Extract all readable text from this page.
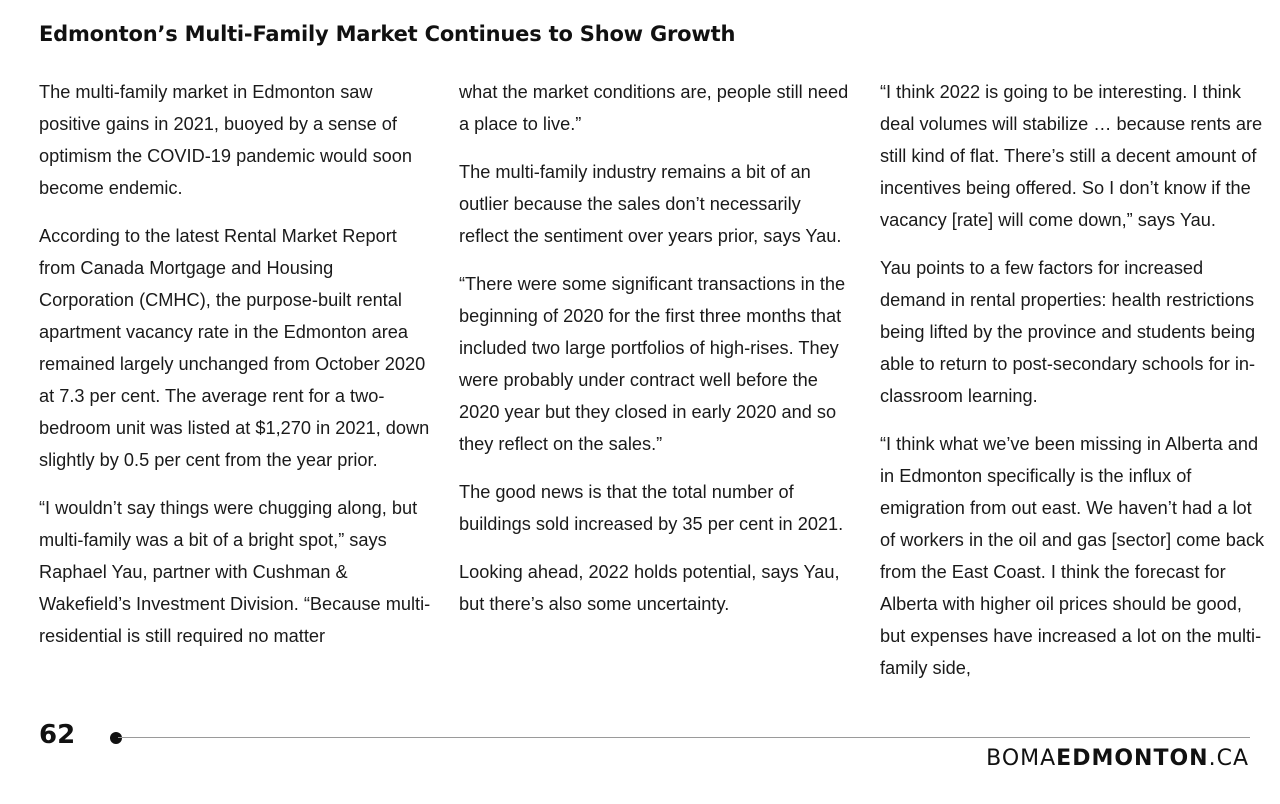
Edmonton’s Multi-Family Market Continues to Show Growth

The multi-family market in Edmonton saw positive gains in 2021, buoyed by a sense of optimism the COVID-19 pandemic would soon become endemic.

According to the latest Rental Market Report from Canada Mortgage and Housing Corporation (CMHC), the purpose-built rental apartment vacancy rate in the Edmonton area remained largely unchanged from October 2020 at 7.3 per cent. The average rent for a two-bedroom unit was listed at $1,270 in 2021, down slightly by 0.5 per cent from the year prior.

“I wouldn’t say things were chugging along, but multi-family was a bit of a bright spot,” says Raphael Yau, partner with Cushman & Wakefield’s Investment Division. “Because multi-residential is still required no matter

what the market conditions are, people still need a place to live.”

The multi-family industry remains a bit of an outlier because the sales don’t necessarily reflect the sentiment over years prior, says Yau.

“There were some significant transactions in the beginning of 2020 for the first three months that included two large portfolios of high-rises. They were probably under contract well before the 2020 year but they closed in early 2020 and so they reflect on the sales.”

The good news is that the total number of buildings sold increased by 35 per cent in 2021.

Looking ahead, 2022 holds potential, says Yau, but there’s also some uncertainty.

“I think 2022 is going to be interesting. I think deal volumes will stabilize … because rents are still kind of flat. There’s still a decent amount of incentives being offered. So I don’t know if the vacancy [rate] will come down,” says Yau.

Yau points to a few factors for increased demand in rental properties: health restrictions being lifted by the province and students being able to return to post-secondary schools for in-classroom learning.

“I think what we’ve been missing in Alberta and in Edmonton specifically is the influx of emigration from out east. We haven’t had a lot of workers in the oil and gas [sector] come back from the East Coast. I think the forecast for Alberta with higher oil prices should be good, but expenses have increased a lot on the multi-family side,

62
BOMAEDMONTON.CA
